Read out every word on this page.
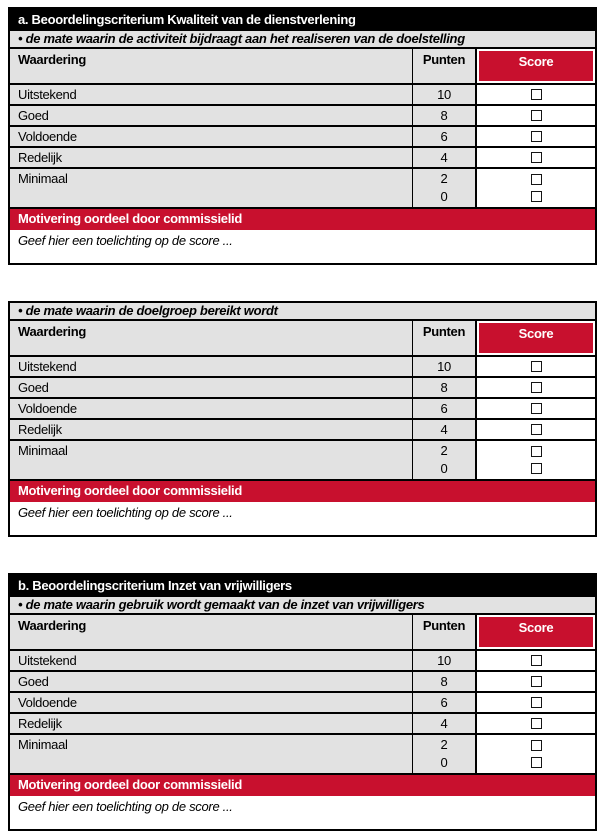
a. Beoordelingscriterium Kwaliteit van de dienstverlening
• de mate waarin de activiteit bijdraagt aan het realiseren van de doelstelling
Waardering	Punten	Score
Uitstekend	10
Goed	8
Voldoende	6
Redelijk	4
Minimaal	2
0
Motivering oordeel door commissielid
Geef hier een toelichting op de score ...
• de mate waarin de doelgroep bereikt wordt
Waardering	Punten	Score
Uitstekend	10
Goed	8
Voldoende	6
Redelijk	4
Minimaal	2
0
Motivering oordeel door commissielid
Geef hier een toelichting op de score ...
b. Beoordelingscriterium Inzet van vrijwilligers
• de mate waarin gebruik wordt gemaakt van de inzet van vrijwilligers
Waardering	Punten	Score
Uitstekend	10
Goed	8
Voldoende	6
Redelijk	4
Minimaal	2
0
Motivering oordeel door commissielid
Geef hier een toelichting op de score ...
